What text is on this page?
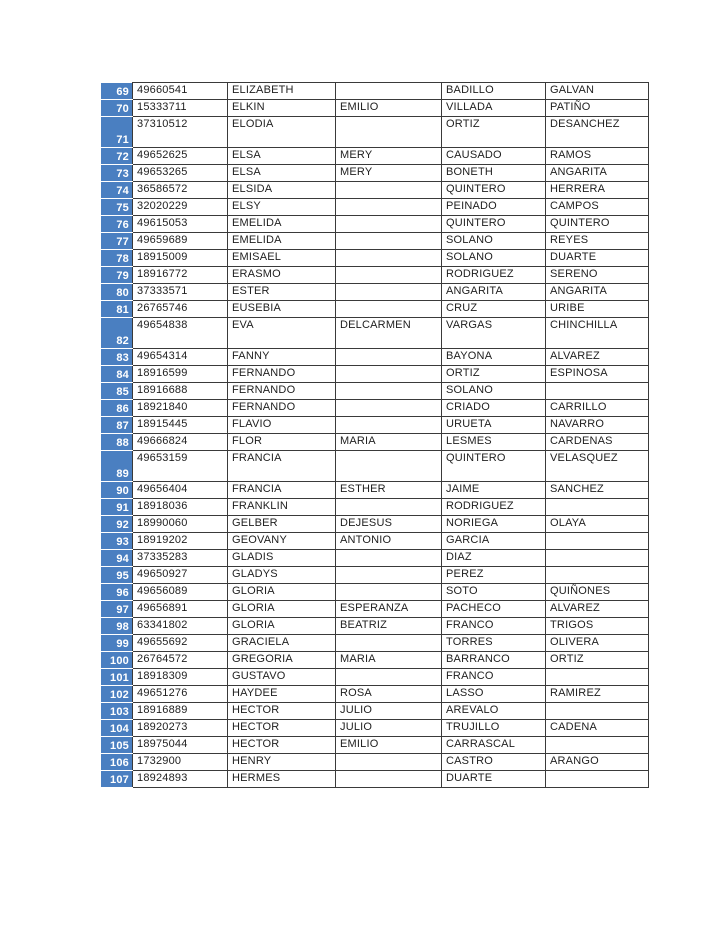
69	49660541	ELIZABETH		BADILLO	GALVAN
70	15333711	ELKIN	EMILIO	VILLADA	PATIÑO
71	37310512	ELODIA		ORTIZ	DESANCHEZ
72	49652625	ELSA	MERY	CAUSADO	RAMOS
73	49653265	ELSA	MERY	BONETH	ANGARITA
74	36586572	ELSIDA		QUINTERO	HERRERA
75	32020229	ELSY		PEINADO	CAMPOS
76	49615053	EMELIDA		QUINTERO	QUINTERO
77	49659689	EMELIDA		SOLANO	REYES
78	18915009	EMISAEL		SOLANO	DUARTE
79	18916772	ERASMO		RODRIGUEZ	SERENO
80	37333571	ESTER		ANGARITA	ANGARITA
81	26765746	EUSEBIA		CRUZ	URIBE
82	49654838	EVA	DELCARMEN	VARGAS	CHINCHILLA
83	49654314	FANNY		BAYONA	ALVAREZ
84	18916599	FERNANDO		ORTIZ	ESPINOSA
85	18916688	FERNANDO		SOLANO	
86	18921840	FERNANDO		CRIADO	CARRILLO
87	18915445	FLAVIO		URUETA	NAVARRO
88	49666824	FLOR	MARIA	LESMES	CARDENAS
89	49653159	FRANCIA		QUINTERO	VELASQUEZ
90	49656404	FRANCIA	ESTHER	JAIME	SANCHEZ
91	18918036	FRANKLIN		RODRIGUEZ	
92	18990060	GELBER	DEJESUS	NORIEGA	OLAYA
93	18919202	GEOVANY	ANTONIO	GARCIA	
94	37335283	GLADIS		DIAZ	
95	49650927	GLADYS		PEREZ	
96	49656089	GLORIA		SOTO	QUIÑONES
97	49656891	GLORIA	ESPERANZA	PACHECO	ALVAREZ
98	63341802	GLORIA	BEATRIZ	FRANCO	TRIGOS
99	49655692	GRACIELA		TORRES	OLIVERA
100	26764572	GREGORIA	MARIA	BARRANCO	ORTIZ
101	18918309	GUSTAVO		FRANCO	
102	49651276	HAYDEE	ROSA	LASSO	RAMIREZ
103	18916889	HECTOR	JULIO	AREVALO	
104	18920273	HECTOR	JULIO	TRUJILLO	CADENA
105	18975044	HECTOR	EMILIO	CARRASCAL	
106	1732900	HENRY		CASTRO	ARANGO
107	18924893	HERMES		DUARTE	
